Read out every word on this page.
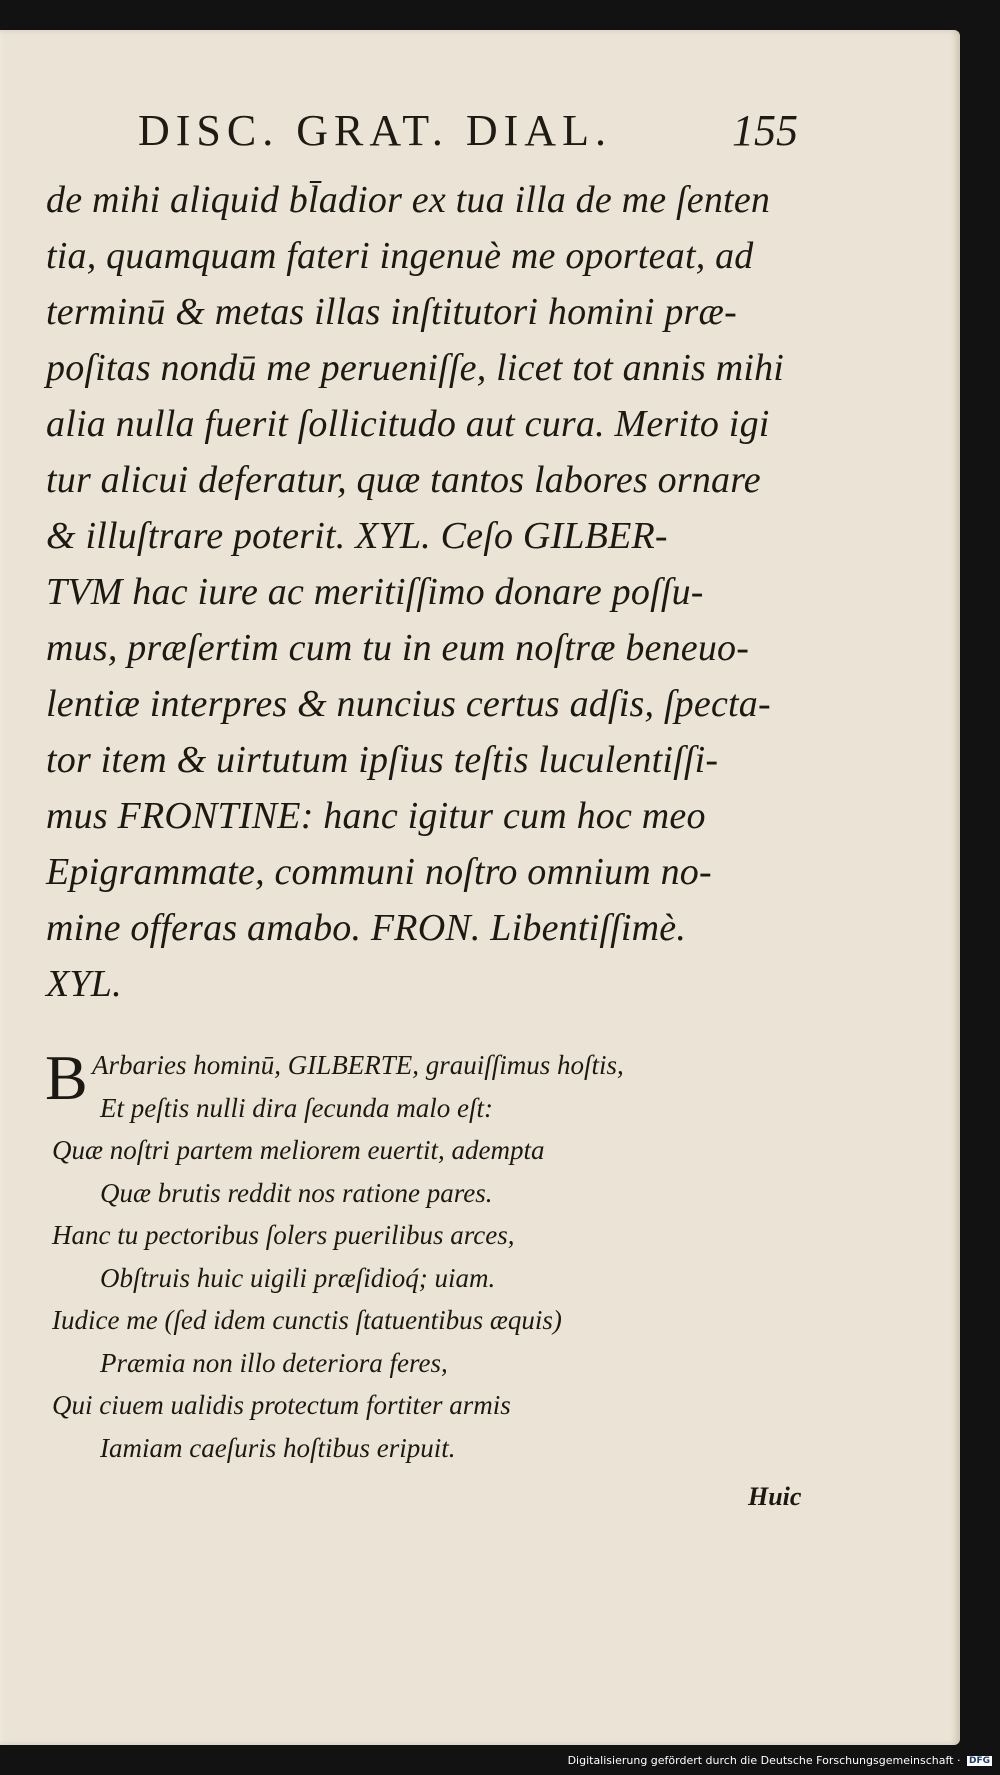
DISC. GRAT. DIAL.	155
de mihi aliquid bl̄adior ex tua illa de me ſenten
tia, quamquam fateri ingenuè me oporteat, ad
terminū & metas illas inſtitutori homini præ-
poſitas nondū me perueniſſe, licet tot annis mihi
alia nulla fuerit ſollicitudo aut cura. Merito igi
tur alicui deferatur, quæ tantos labores ornare
& illuſtrare poterit. XYL. Ceſo GILBER-
TVM hac iure ac meritiſſimo donare poſſu-
mus, præſertim cum tu in eum noſtræ beneuo-
lentiæ interpres & nuncius certus adſis, ſpecta-
tor item & uirtutum ipſius teſtis luculentiſſi-
mus FRONTINE: hanc igitur cum hoc meo
Epigrammate, communi noſtro omnium no-
mine offeras amabo. FRON. Libentiſſimè.
XYL.
B Arbaries hominū, GILBERTE, grauiſſimus hoſtis,
Et peſtis nulli dira ſecunda malo eſt:
Quæ noſtri partem meliorem euertit, adempta
Quæ brutis reddit nos ratione pares.
Hanc tu pectoribus ſolers puerilibus arces,
Obſtruis huic uigili præſidioq́; uiam.
Iudice me (ſed idem cunctis ſtatuentibus æquis)
Præmia non illo deteriora feres,
Qui ciuem ualidis protectum fortiter armis
Iamiam caeſuris hoſtibus eripuit.
Huic
Digitalisierung gefördert durch die Deutsche Forschungsgemeinschaft · DFG
